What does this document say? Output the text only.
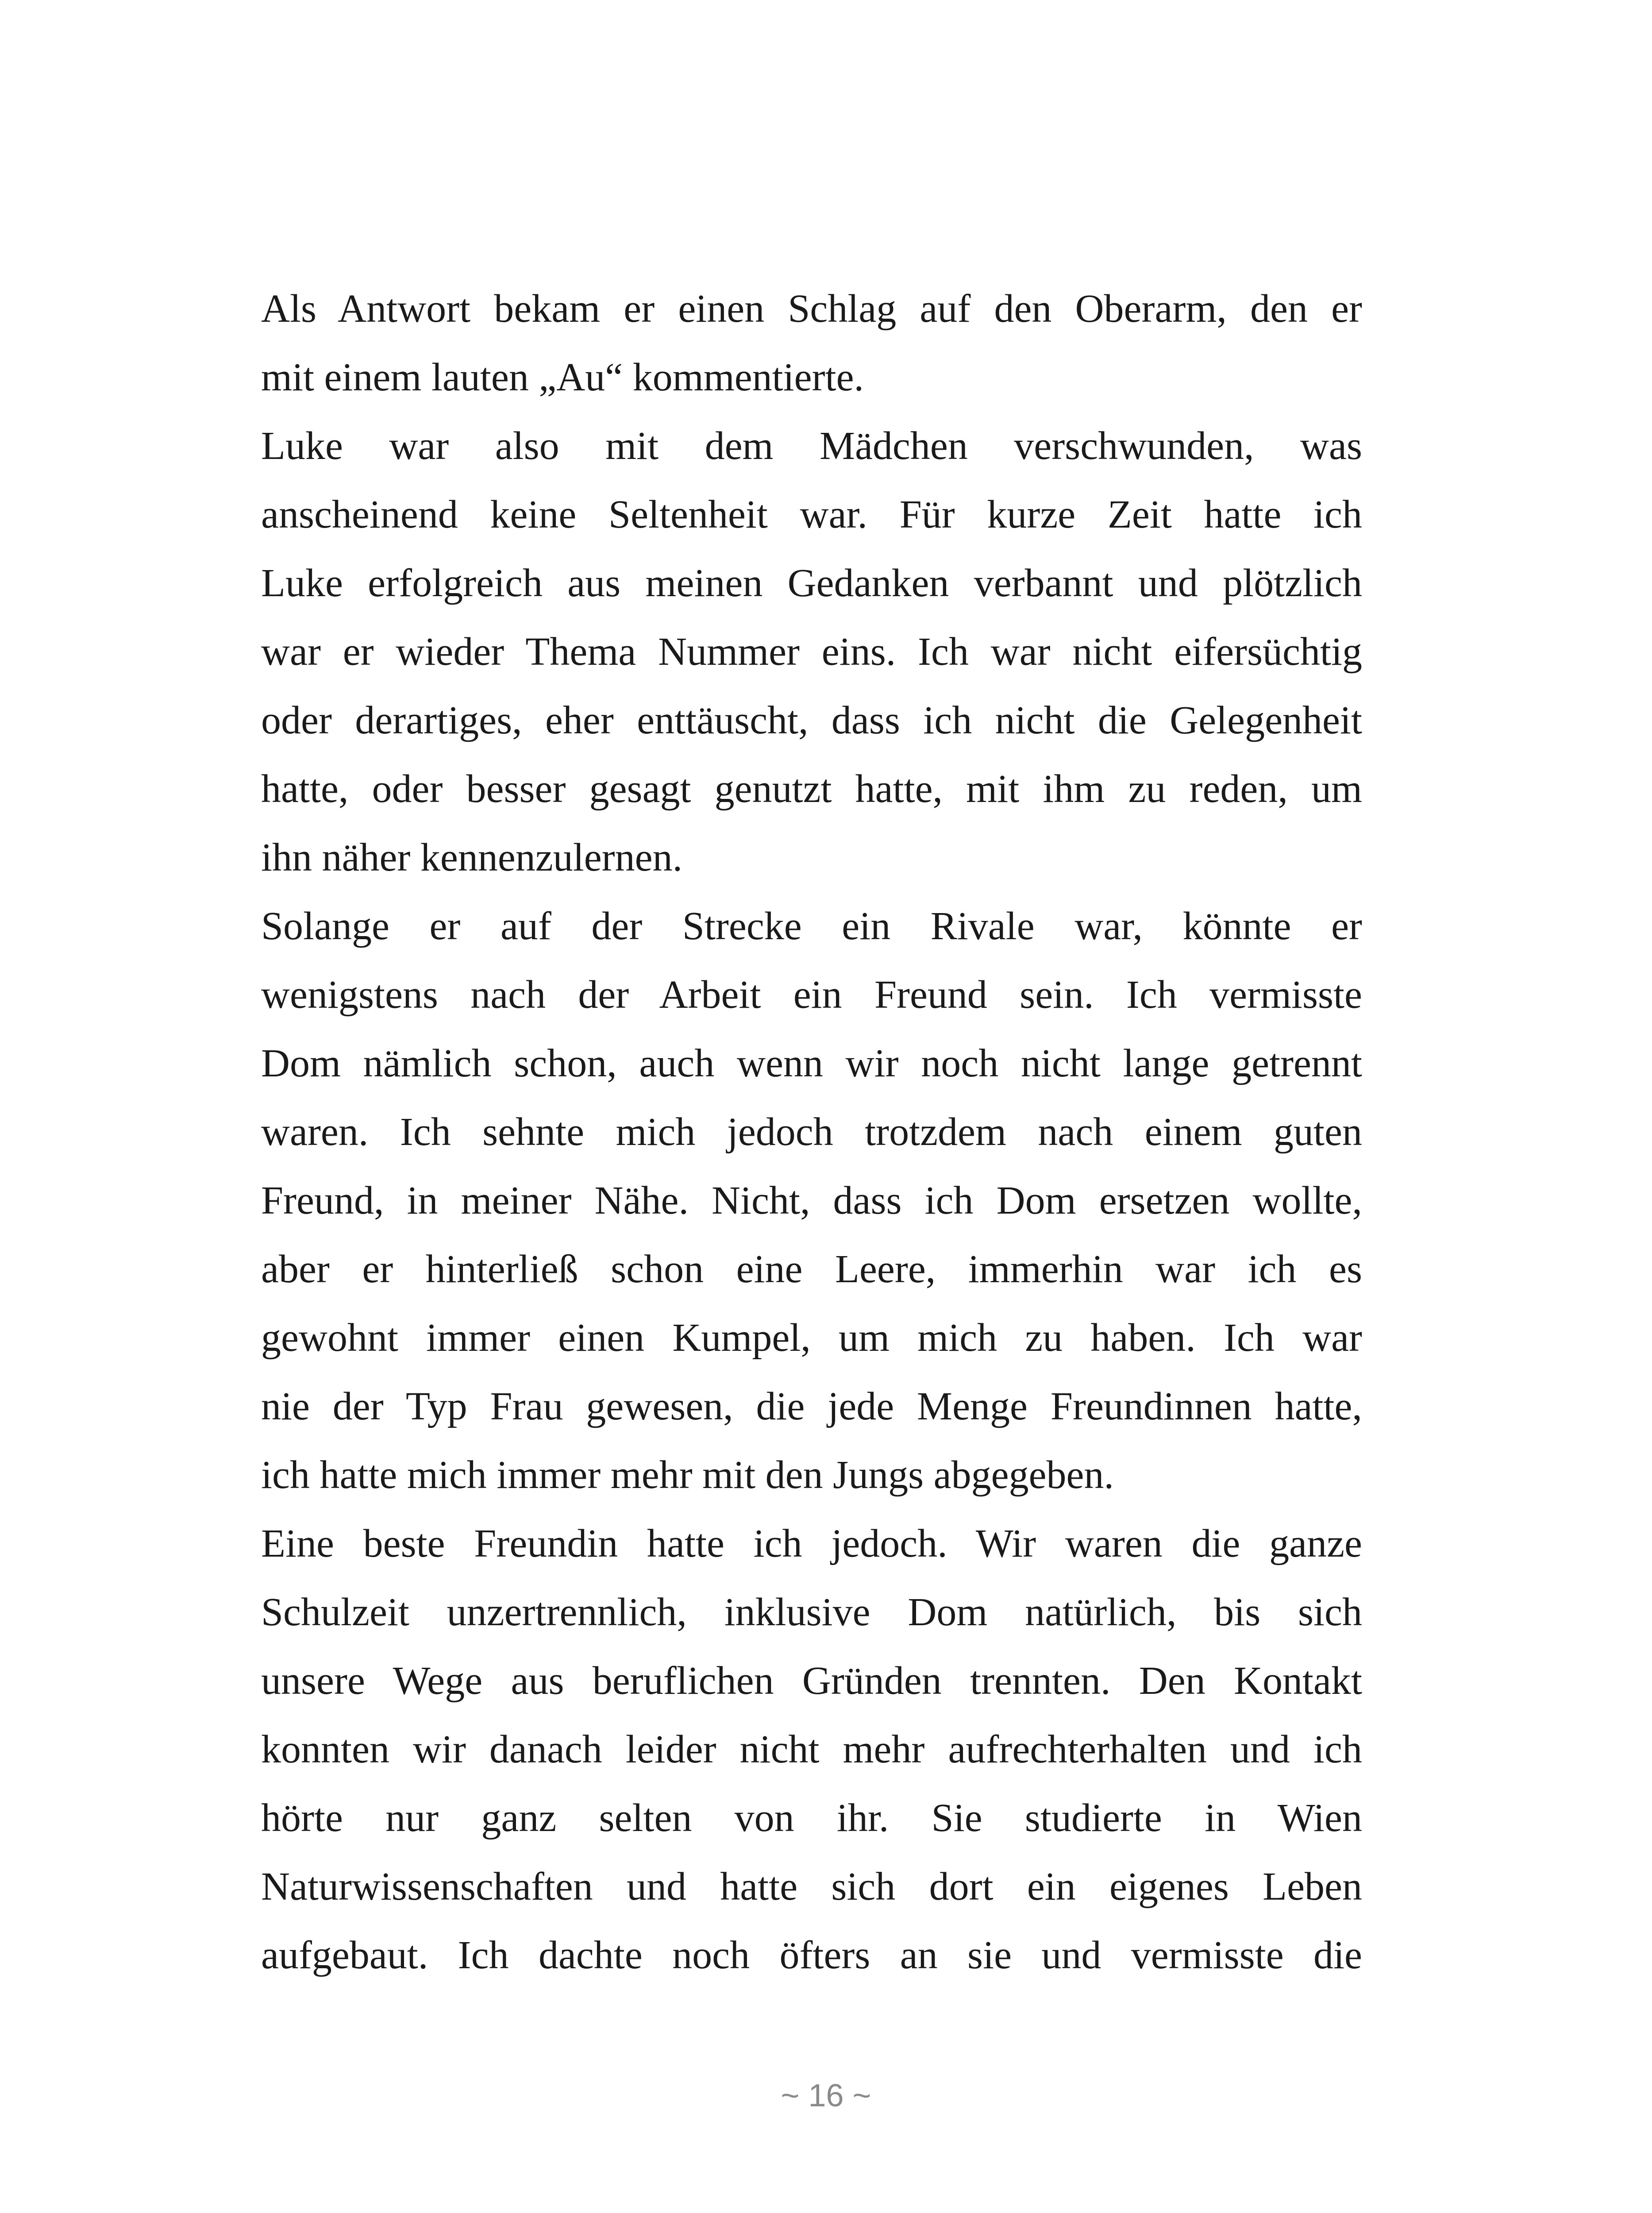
Als Antwort bekam er einen Schlag auf den Oberarm, den er
mit einem lauten „Au“ kommentierte.
Luke war also mit dem Mädchen verschwunden, was
anscheinend keine Seltenheit war. Für kurze Zeit hatte ich
Luke erfolgreich aus meinen Gedanken verbannt und plötzlich
war er wieder Thema Nummer eins. Ich war nicht eifersüchtig
oder derartiges, eher enttäuscht, dass ich nicht die Gelegenheit
hatte, oder besser gesagt genutzt hatte, mit ihm zu reden, um
ihn näher kennenzulernen.
Solange er auf der Strecke ein Rivale war, könnte er
wenigstens nach der Arbeit ein Freund sein. Ich vermisste
Dom nämlich schon, auch wenn wir noch nicht lange getrennt
waren. Ich sehnte mich jedoch trotzdem nach einem guten
Freund, in meiner Nähe. Nicht, dass ich Dom ersetzen wollte,
aber er hinterließ schon eine Leere, immerhin war ich es
gewohnt immer einen Kumpel, um mich zu haben. Ich war
nie der Typ Frau gewesen, die jede Menge Freundinnen hatte,
ich hatte mich immer mehr mit den Jungs abgegeben.
Eine beste Freundin hatte ich jedoch. Wir waren die ganze
Schulzeit unzertrennlich, inklusive Dom natürlich, bis sich
unsere Wege aus beruflichen Gründen trennten. Den Kontakt
konnten wir danach leider nicht mehr aufrechterhalten und ich
hörte nur ganz selten von ihr. Sie studierte in Wien
Naturwissenschaften und hatte sich dort ein eigenes Leben
aufgebaut. Ich dachte noch öfters an sie und vermisste die
~ 16 ~
